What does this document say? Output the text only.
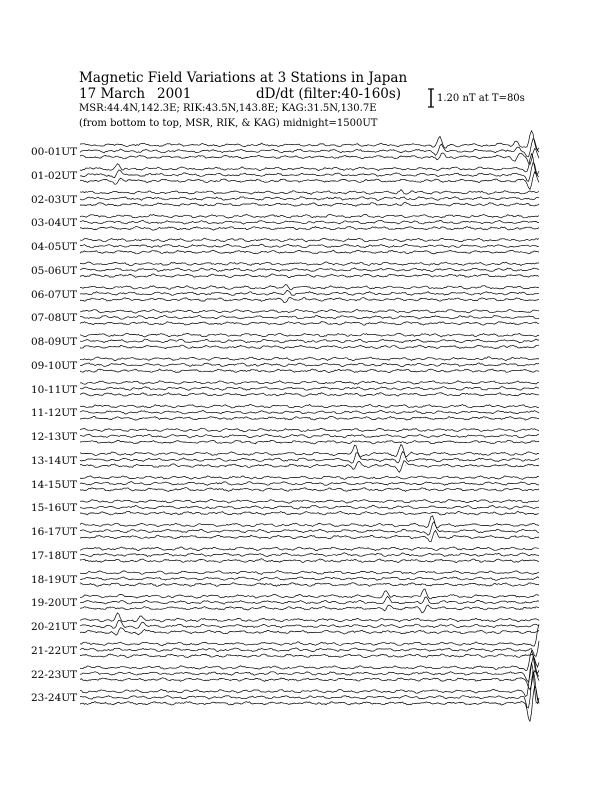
Magnetic Field Variations at 3 Stations in Japan
17 March 2001	dD/dt (filter:40-160s)
MSR:44.4N,142.3E; RIK:43.5N,143.8E; KAG:31.5N,130.7E
(from bottom to top, MSR, RIK, & KAG) midnight=1500UT
1.20 nT at T=80s
00-01UT
01-02UT
02-03UT
03-04UT
04-05UT
05-06UT
06-07UT
07-08UT
08-09UT
09-10UT
10-11UT
11-12UT
12-13UT
13-14UT
14-15UT
15-16UT
16-17UT
17-18UT
18-19UT
19-20UT
20-21UT
21-22UT
22-23UT
23-24UT
